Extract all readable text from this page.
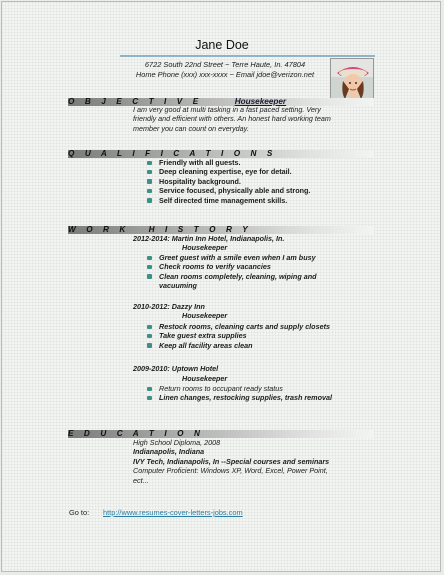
Jane Doe
6722 South 22nd Street ~ Terre Haute, In. 47804
Home Phone (xxx) xxx-xxxx ~ Email jdoe@verizon.net
O B J E C T I V E	Housekeeper
I am very good at multi tasking in a fast paced setting. Very
friendly and efficient with others. An honest hard working team
member you can count on everyday.
Q U A L I F I C A T I O N S
Friendly with all guests.
Deep cleaning expertise, eye for detail.
Hospitality background.
Service focused, physically able and strong.
Self directed time management skills.
W O R K   H I S T O R Y
2012-2014: Martin Inn Hotel, Indianapolis, In.
Housekeeper
Greet guest with a smile even when I am busy
Check rooms to verify vacancies
Clean rooms completely, cleaning, wiping and
vacuuming
2010-2012: Dazzy Inn
Housekeeper
Restock rooms, cleaning carts and supply closets
Take guest extra supplies
Keep all facility areas clean
2009-2010: Uptown Hotel
Housekeeper
Return rooms to occupant ready status
Linen changes, restocking supplies, trash removal
E D U C A T I O N
High School Diploma, 2008
Indianapolis, Indiana
IVY Tech, Indianapolis, In --Special courses and seminars
Computer Proficient: Windows XP, Word, Excel, Power Point,
ect...
Go to: http://www.resumes-cover-letters-jobs.com
